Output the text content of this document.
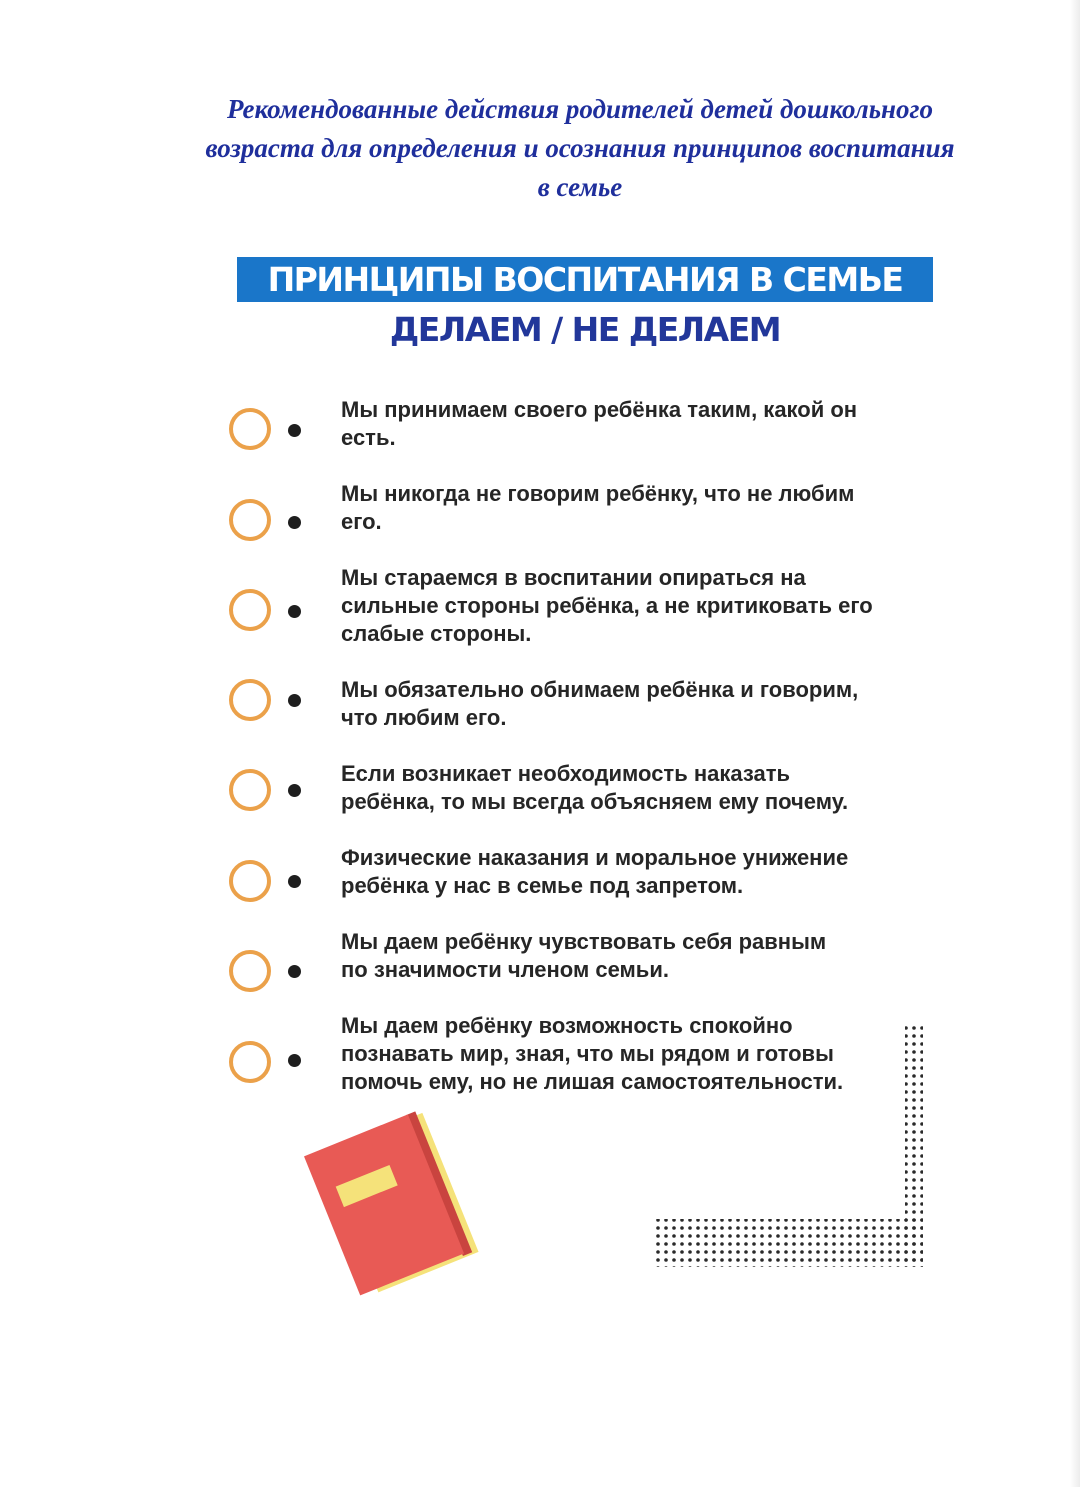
Рекомендованные действия родителей детей дошкольного
возраста для определения и осознания принципов воспитания
в семье
ПРИНЦИПЫ ВОСПИТАНИЯ В СЕМЬЕ
ДЕЛАЕМ / НЕ ДЕЛАЕМ
Мы принимаем своего ребёнка таким, какой он
есть.
Мы никогда не говорим ребёнку, что не любим
его.
Мы стараемся в воспитании опираться на
сильные стороны ребёнка, а не критиковать его
слабые стороны.
Мы обязательно обнимаем ребёнка и говорим,
что любим его.
Если возникает необходимость наказать
ребёнка, то мы всегда объясняем ему почему.
Физические наказания и моральное унижение
ребёнка у нас в семье под запретом.
Мы даем ребёнку чувствовать себя равным
по значимости членом семьи.
Мы даем ребёнку возможность спокойно
познавать мир, зная, что мы рядом и готовы
помочь ему, но не лишая самостоятельности.
